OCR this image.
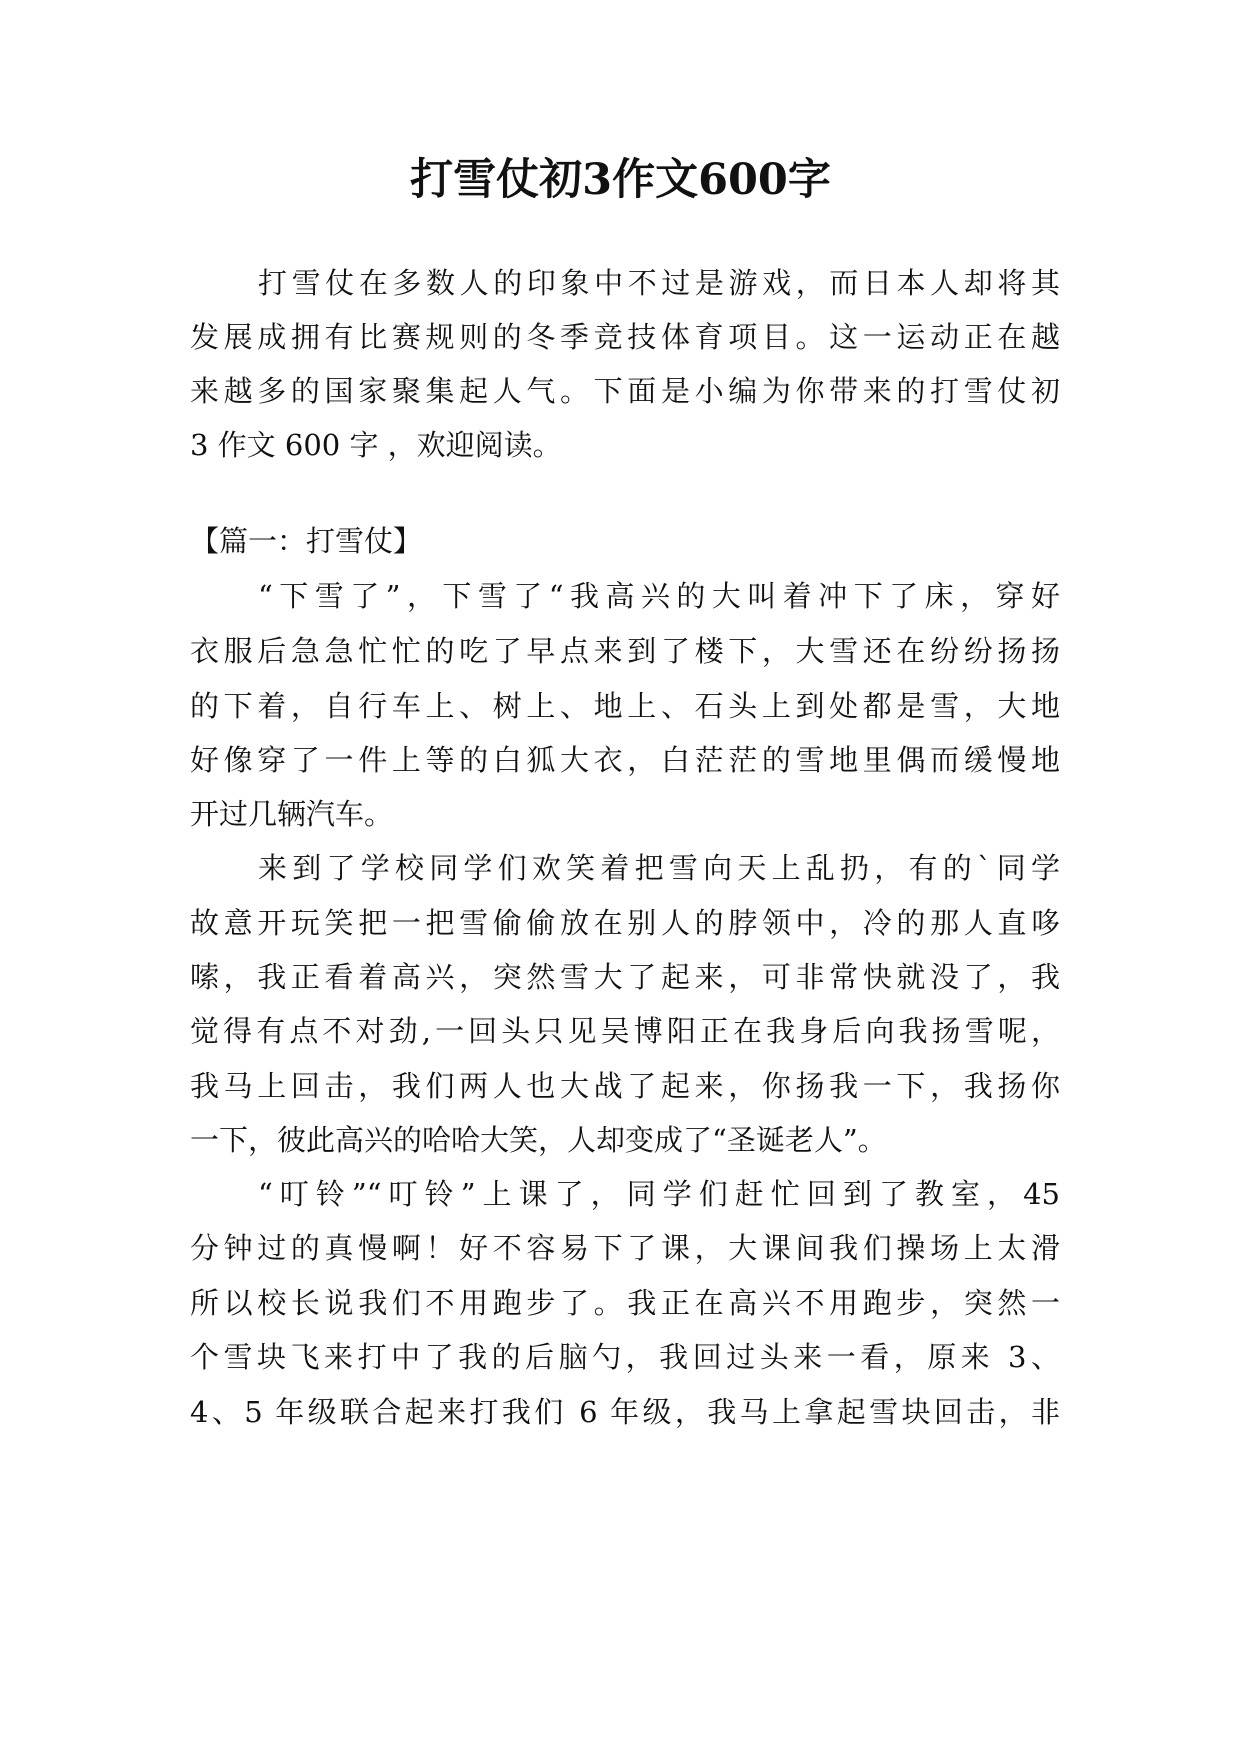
打雪仗初3作文600字

打雪仗在多数人的印象中不过是游戏，而日本人却将其

发展成拥有比赛规则的冬季竞技体育项目。这一运动正在越

来越多的国家聚集起人气。下面是小编为你带来的打雪仗初

3 作文 600 字 ，欢迎阅读。

【篇一：打雪仗】

“下雪了”，下雪了“我高兴的大叫着冲下了床，穿好

衣服后急急忙忙的吃了早点来到了楼下，大雪还在纷纷扬扬

的下着，自行车上、树上、地上、石头上到处都是雪，大地

好像穿了一件上等的白狐大衣，白茫茫的雪地里偶而缓慢地

开过几辆汽车。

来到了学校同学们欢笑着把雪向天上乱扔，有的`同学

故意开玩笑把一把雪偷偷放在别人的脖领中，冷的那人直哆

嗦，我正看着高兴，突然雪大了起来，可非常快就没了，我

觉得有点不对劲,一回头只见吴博阳正在我身后向我扬雪呢，

我马上回击，我们两人也大战了起来，你扬我一下，我扬你

一下，彼此高兴的哈哈大笑，人却变成了“圣诞老人”。

“叮铃”“叮铃”上课了，同学们赶忙回到了教室，45

分钟过的真慢啊！好不容易下了课，大课间我们操场上太滑

所以校长说我们不用跑步了。我正在高兴不用跑步，突然一

个雪块飞来打中了我的后脑勺，我回过头来一看，原来 3、

4、5 年级联合起来打我们 6 年级，我马上拿起雪块回击，非
